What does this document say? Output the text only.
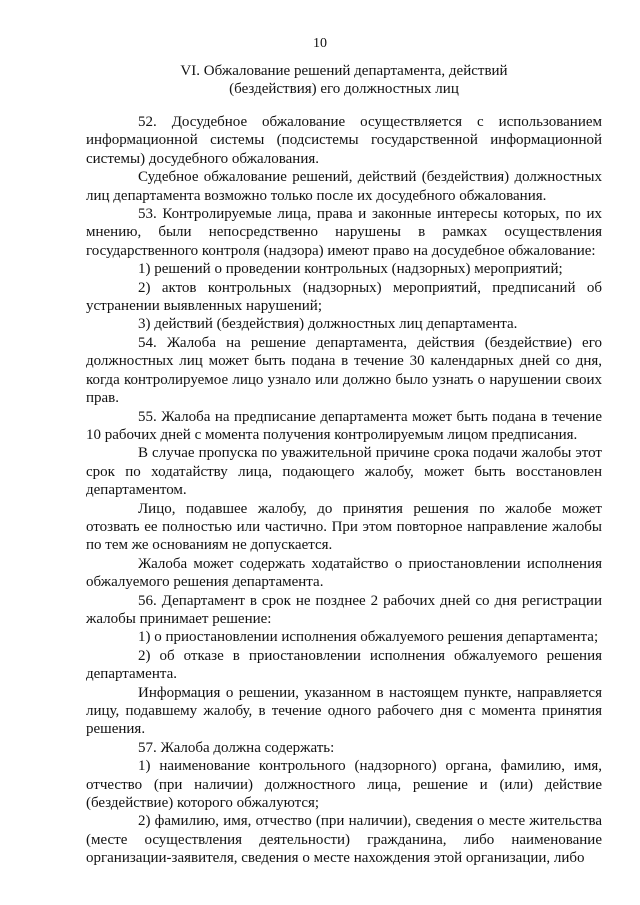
10
VI. Обжалование решений департамента, действий
(бездействия) его должностных лиц

52. Досудебное обжалование осуществляется с использованием информационной системы (подсистемы государственной информационной системы) досудебного обжалования.

Судебное обжалование решений, действий (бездействия) должностных лиц департамента возможно только после их досудебного обжалования.

53. Контролируемые лица, права и законные интересы которых, по их мнению, были непосредственно нарушены в рамках осуществления государственного контроля (надзора) имеют право на досудебное обжалование:

1) решений о проведении контрольных (надзорных) мероприятий;

2) актов контрольных (надзорных) мероприятий, предписаний об устранении выявленных нарушений;

3) действий (бездействия) должностных лиц департамента.

54. Жалоба на решение департамента, действия (бездействие) его должностных лиц может быть подана в течение 30 календарных дней со дня, когда контролируемое лицо узнало или должно было узнать о нарушении своих прав.

55. Жалоба на предписание департамента может быть подана в течение 10 рабочих дней с момента получения контролируемым лицом предписания.

В случае пропуска по уважительной причине срока подачи жалобы этот срок по ходатайству лица, подающего жалобу, может быть восстановлен департаментом.

Лицо, подавшее жалобу, до принятия решения по жалобе может отозвать ее полностью или частично. При этом повторное направление жалобы по тем же основаниям не допускается.

Жалоба может содержать ходатайство о приостановлении исполнения обжалуемого решения департамента.

56. Департамент в срок не позднее 2 рабочих дней со дня регистрации жалобы принимает решение:

1) о приостановлении исполнения обжалуемого решения департамента;

2) об отказе в приостановлении исполнения обжалуемого решения департамента.

Информация о решении, указанном в настоящем пункте, направляется лицу, подавшему жалобу, в течение одного рабочего дня с момента принятия решения.

57. Жалоба должна содержать:

1) наименование контрольного (надзорного) органа, фамилию, имя, отчество (при наличии) должностного лица, решение и (или) действие (бездействие) которого обжалуются;

2) фамилию, имя, отчество (при наличии), сведения о месте жительства (месте осуществления деятельности) гражданина, либо наименование организации-заявителя, сведения о месте нахождения этой организации, либо
